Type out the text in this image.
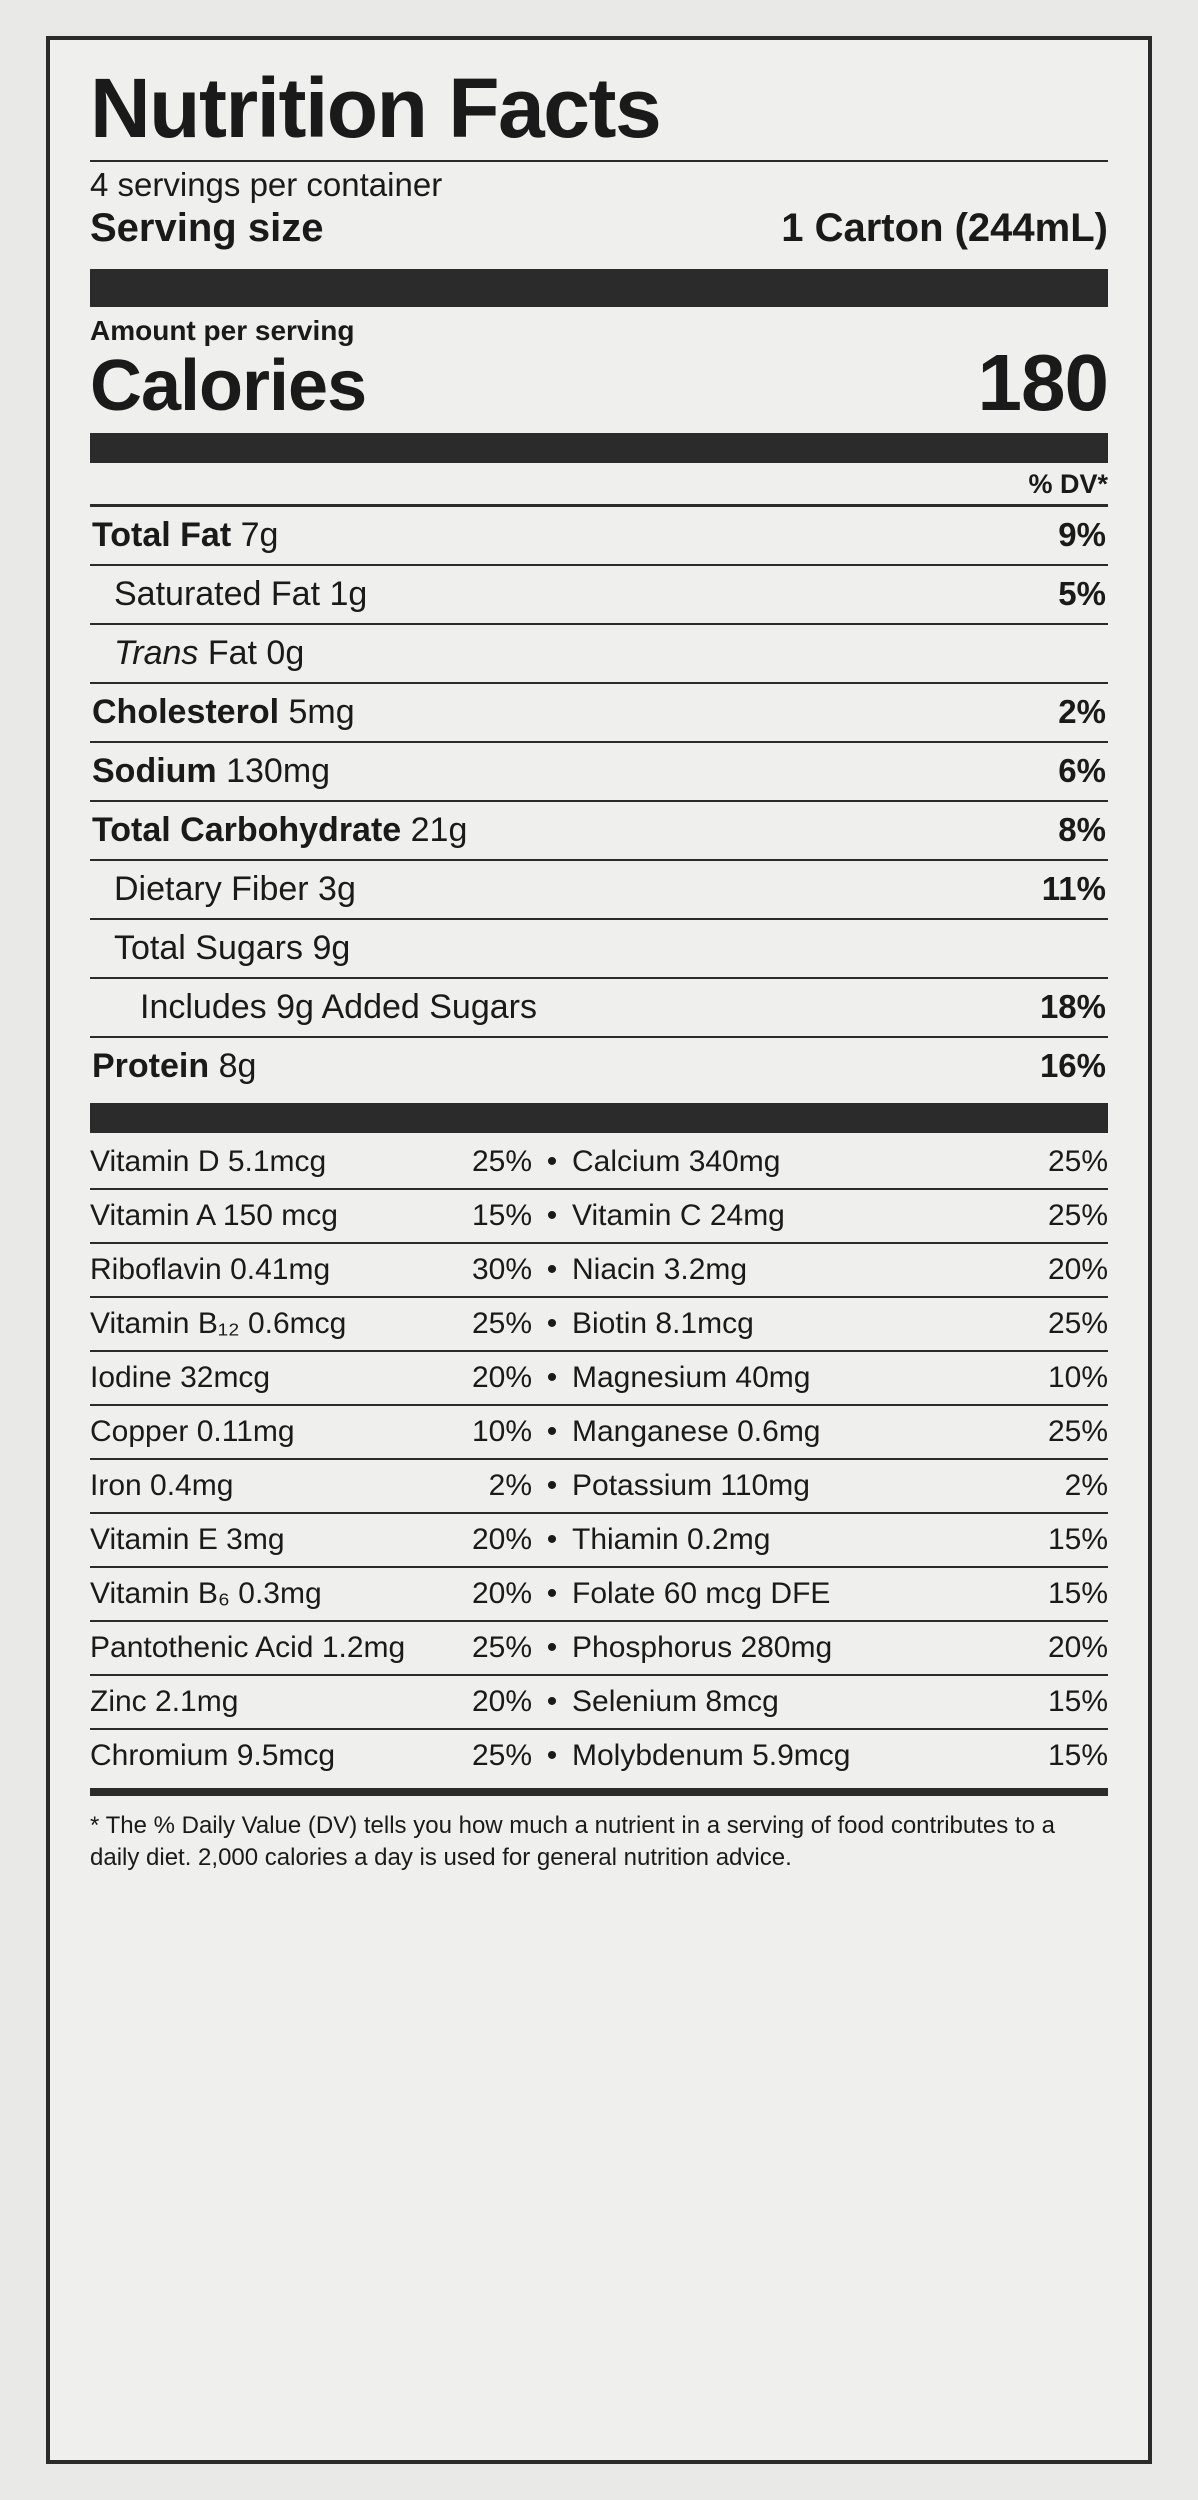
Nutrition Facts
4 servings per container
Serving size	1 Carton (244mL)
Amount per serving
Calories	180
% DV*
Total Fat 7g	9%
Saturated Fat 1g	5%
Trans Fat 0g
Cholesterol 5mg	2%
Sodium 130mg	6%
Total Carbohydrate 21g	8%
Dietary Fiber 3g	11%
Total Sugars 9g
Includes 9g Added Sugars	18%
Protein 8g	16%
Vitamin D 5.1mcg	25% • Calcium 340mg	25%
Vitamin A 150 mcg	15% • Vitamin C 24mg	25%
Riboflavin 0.41mg	30% • Niacin 3.2mg	20%
Vitamin B₁₂ 0.6mcg	25% • Biotin 8.1mcg	25%
Iodine 32mcg	20% • Magnesium 40mg	10%
Copper 0.11mg	10% • Manganese 0.6mg	25%
Iron 0.4mg	2% • Potassium 110mg	2%
Vitamin E 3mg	20% • Thiamin 0.2mg	15%
Vitamin B₆ 0.3mg	20% • Folate 60 mcg DFE	15%
Pantothenic Acid 1.2mg	25% • Phosphorus 280mg	20%
Zinc 2.1mg	20% • Selenium 8mcg	15%
Chromium 9.5mcg	25% • Molybdenum 5.9mcg	15%
* The % Daily Value (DV) tells you how much a nutrient in a serving of food contributes to a daily diet. 2,000 calories a day is used for general nutrition advice.
